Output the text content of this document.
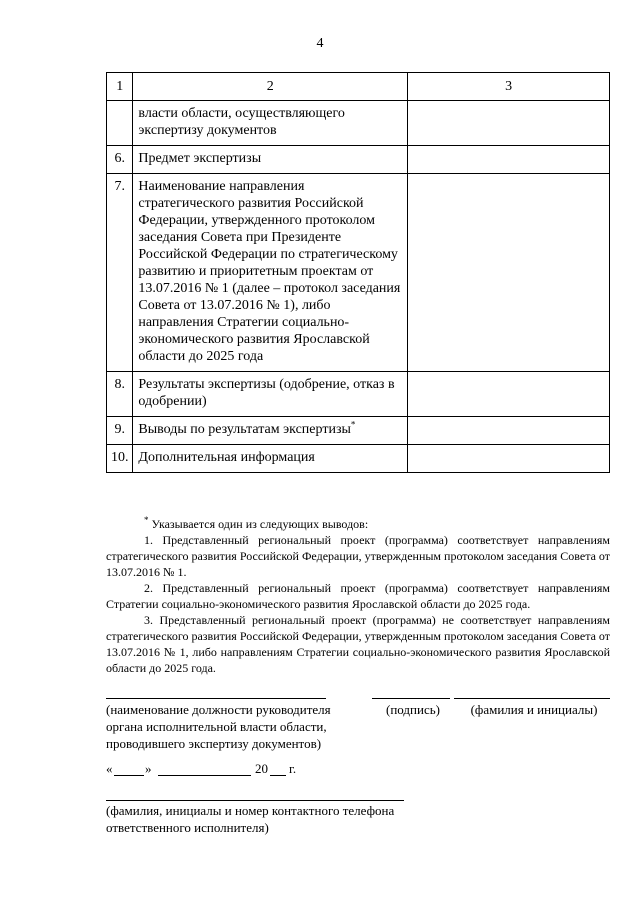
4
1	2	3
	власти области, осуществляющего экспертизу документов	
6.	Предмет экспертизы	
7.	Наименование направления стратегического развития Российской Федерации, утвержденного протоколом заседания Совета при Президенте Российской Федерации по стратегическому развитию и приоритетным проектам от 13.07.2016 № 1 (далее – протокол заседания Совета от 13.07.2016 № 1), либо направления Стратегии социально-экономического развития Ярославской области до 2025 года	
8.	Результаты экспертизы (одобрение, отказ в одобрении)	
9.	Выводы по результатам экспертизы*	
10.	Дополнительная информация	

* Указывается один из следующих выводов:

1. Представленный региональный проект (программа) соответствует направлениям стратегического развития Российской Федерации, утвержденным протоколом заседания Совета от 13.07.2016 № 1.

2. Представленный региональный проект (программа) соответствует направлениям Стратегии социально-экономического развития Ярославской области до 2025 года.

3. Представленный региональный проект (программа) не соответствует направлениям стратегического развития Российской Федерации, утвержденным протоколом заседания Совета от 13.07.2016 № 1, либо направлениям Стратегии социально-экономического развития Ярославской области до 2025 года.

(наименование должности руководителя органа исполнительной власти области, проводившего экспертизу документов)
(подпись)	(фамилия и инициалы)
«	»	20 г.
(фамилия, инициалы и номер контактного телефона ответственного исполнителя)
